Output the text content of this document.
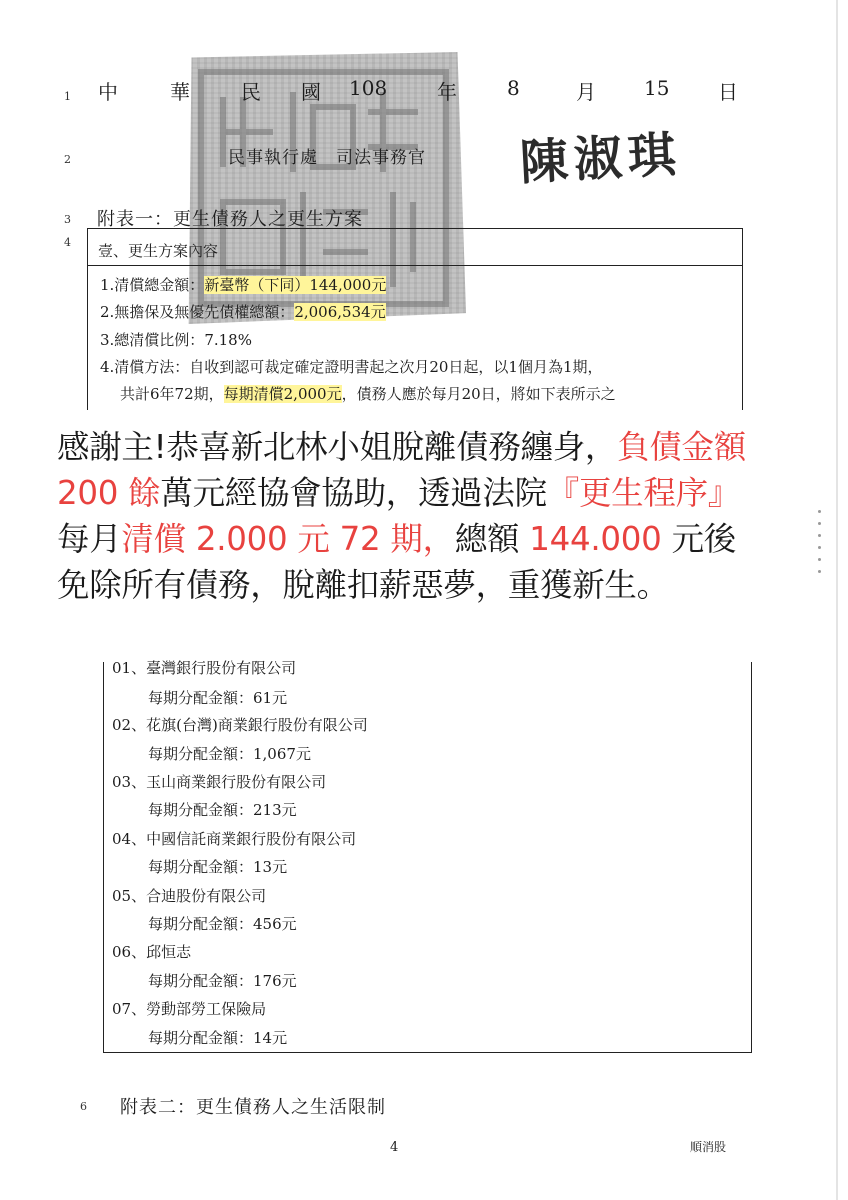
1
2
3
4
6
中	華	民 國 108 年	8	月 15 日
民事執行處　司法事務官 陳淑琪
附表一：更生債務人之更生方案
壹、更生方案內容
1.清償總金額：新臺幣（下同）144,000元
2.無擔保及無優先債權總額：2,006,534元
3.總清償比例：7.18%
4.清償方法：自收到認可裁定確定證明書起之次月20日起，以1個月為1期，
共計6年72期，每期清償2,000元，債務人應於每月20日，將如下表所示之
感謝主!恭喜新北林小姐脫離債務纏身，負債金額 200 餘萬元經協會協助，透過法院『更生程序』每月清償 2.000 元 72 期，總額 144.000 元後免除所有債務，脫離扣薪惡夢，重獲新生。
01、臺灣銀行股份有限公司
每期分配金額：61元
02、花旗(台灣)商業銀行股份有限公司
每期分配金額：1,067元
03、玉山商業銀行股份有限公司
每期分配金額：213元
04、中國信託商業銀行股份有限公司
每期分配金額：13元
05、合迪股份有限公司
每期分配金額：456元
06、邱恒志
每期分配金額：176元
07、勞動部勞工保險局
每期分配金額：14元
附表二：更生債務人之生活限制
4	順消股
